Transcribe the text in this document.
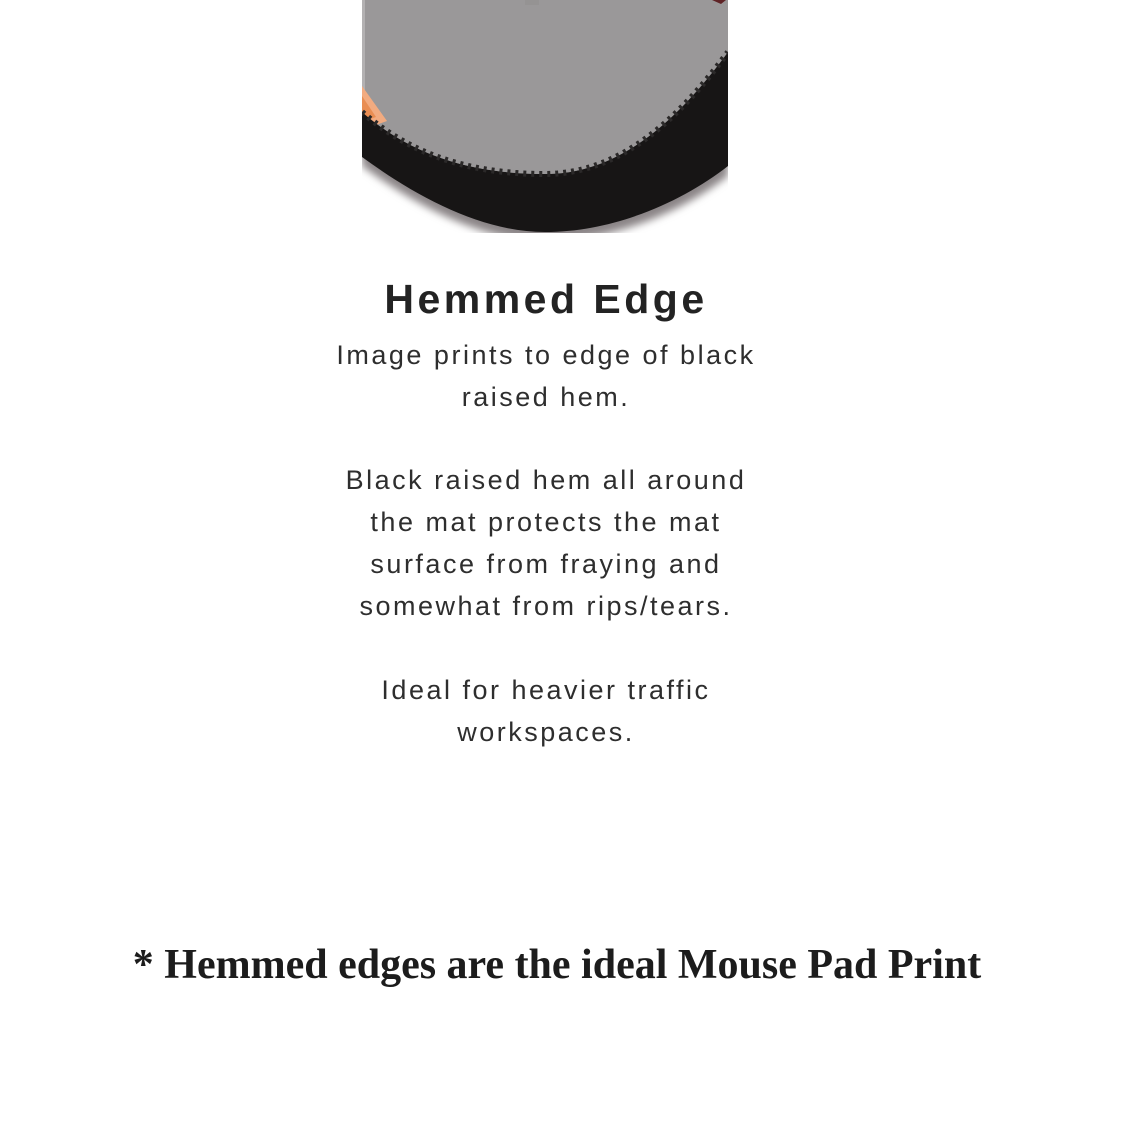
Hemmed Edge

Image prints to edge of black
raised hem.

Black raised hem all around
the mat protects the mat
surface from fraying and
somewhat from rips/tears.

Ideal for heavier traffic
workspaces.

* Hemmed edges are the ideal Mouse Pad Print
